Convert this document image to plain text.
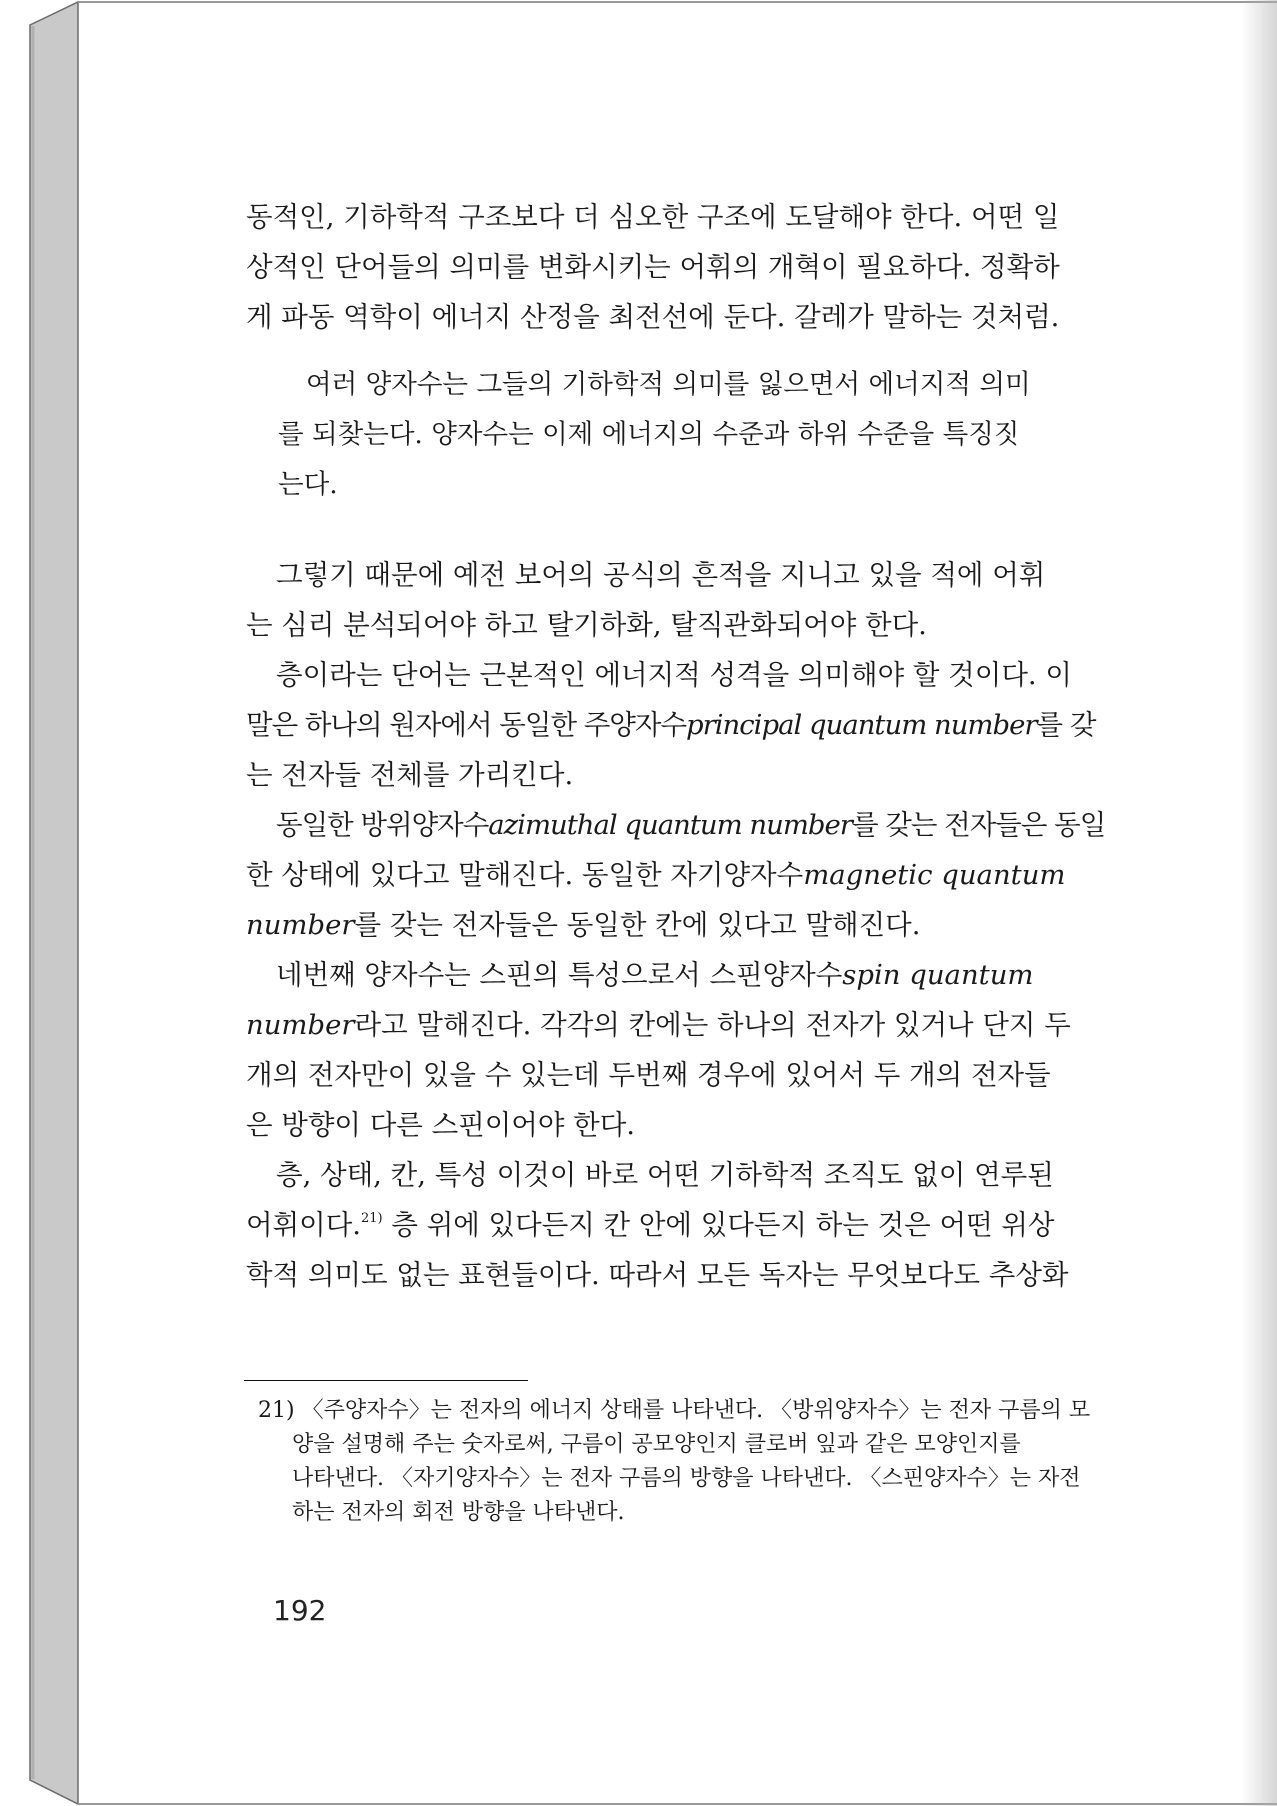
동적인, 기하학적 구조보다 더 심오한 구조에 도달해야 한다. 어떤 일
상적인 단어들의 의미를 변화시키는 어휘의 개혁이 필요하다. 정확하
게 파동 역학이 에너지 산정을 최전선에 둔다. 갈레가 말하는 것처럼.
여러 양자수는 그들의 기하학적 의미를 잃으면서 에너지적 의미
를 되찾는다. 양자수는 이제 에너지의 수준과 하위 수준을 특징짓
는다.
그렇기 때문에 예전 보어의 공식의 흔적을 지니고 있을 적에 어휘
는 심리 분석되어야 하고 탈기하화, 탈직관화되어야 한다.
층이라는 단어는 근본적인 에너지적 성격을 의미해야 할 것이다. 이
말은 하나의 원자에서 동일한 주양자수principal quantum number를 갖
는 전자들 전체를 가리킨다.
동일한 방위양자수azimuthal quantum number를 갖는 전자들은 동일
한 상태에 있다고 말해진다. 동일한 자기양자수magnetic quantum
number를 갖는 전자들은 동일한 칸에 있다고 말해진다.
네번째 양자수는 스핀의 특성으로서 스핀양자수spin quantum
number라고 말해진다. 각각의 칸에는 하나의 전자가 있거나 단지 두
개의 전자만이 있을 수 있는데 두번째 경우에 있어서 두 개의 전자들
은 방향이 다른 스핀이어야 한다.
층, 상태, 칸, 특성 이것이 바로 어떤 기하학적 조직도 없이 연루된
어휘이다.$^{21)}$ 층 위에 있다든지 칸 안에 있다든지 하는 것은 어떤 위상
학적 의미도 없는 표현들이다. 따라서 모든 독자는 무엇보다도 추상화
21) 〈주양자수〉는 전자의 에너지 상태를 나타낸다. 〈방위양자수〉는 전자 구름의 모
양을 설명해 주는 숫자로써, 구름이 공모양인지 클로버 잎과 같은 모양인지를
나타낸다. 〈자기양자수〉는 전자 구름의 방향을 나타낸다. 〈스핀양자수〉는 자전
하는 전자의 회전 방향을 나타낸다.
192
